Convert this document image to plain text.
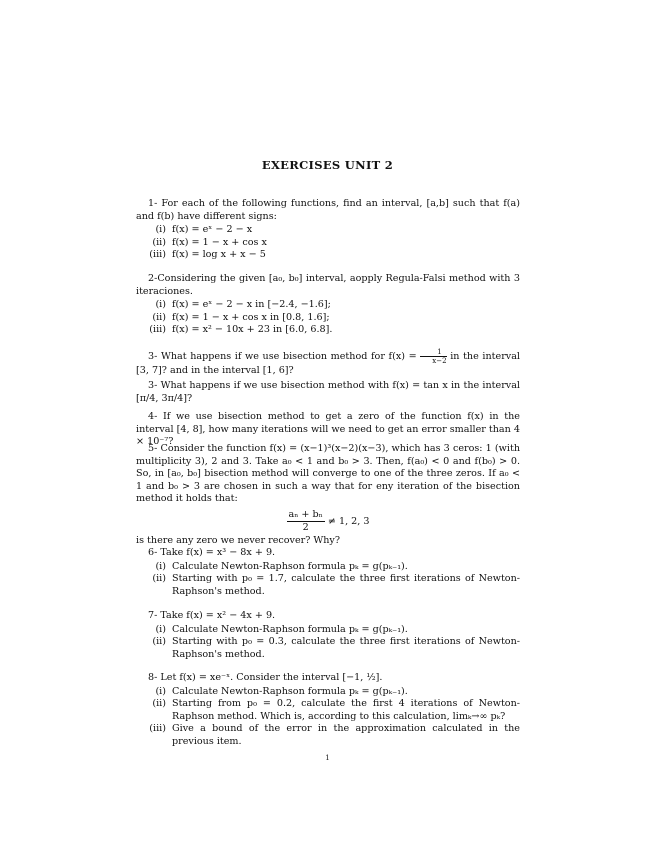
EXERCISES UNIT 2

1- For each of the following functions, find an interval, [a,b] such that f(a) and f(b) have different signs:

(i) f(x) = eˣ − 2 − x
(ii) f(x) = 1 − x + cos x
(iii) f(x) = log x + x − 5

2-Considering the given [a₀, b₀] interval, aopply Regula-Falsi method with 3 iteraciones.

(i) f(x) = eˣ − 2 − x in [−2.4, −1.6];
(ii) f(x) = 1 − x + cos x in [0.8, 1.6];
(iii) f(x) = x² − 10x + 23 in [6.0, 6.8].

3- What happens if we use bisection method for $f(x) = \frac{1}{x-2}$ in the interval [3, 7]? and in the interval [1, 6]?

3- What happens if we use bisection method with f(x) = tan x in the interval [π/4, 3π/4]?

4- If we use bisection method to get a zero of the function f(x) in the interval [4, 8], how many iterations will we need to get an error smaller than 4 × 10⁻⁷?

5- Consider the function f(x) = (x−1)³(x−2)(x−3), which has 3 ceros: 1 (with multiplicity 3), 2 and 3. Take a₀ < 1 and b₀ > 3. Then, f(a₀) < 0 and f(b₀) > 0. So, in [a₀, b₀] bisection method will converge to one of the three zeros. If a₀ < 1 and b₀ > 3 are chosen in such a way that for eny iteration of the bisection method it holds that:

$\frac{\text{aₙ + bₙ}}{2} \ne 1$, 2, 3
is there any zero we never recover? Why?

6- Take f(x) = x³ − 8x + 9.

(i) Calculate Newton-Raphson formula pₖ = g(pₖ₋₁).
(ii) Starting with p₀ = 1.7, calculate the three first iterations of Newton-Raphson's method.

7- Take f(x) = x² − 4x + 9.

(i) Calculate Newton-Raphson formula pₖ = g(pₖ₋₁).
(ii) Starting with p₀ = 0.3, calculate the three first iterations of Newton-Raphson's method.

8- Let f(x) = xe⁻ˣ. Consider the interval [−1, ½].

(i) Calculate Newton-Raphson formula pₖ = g(pₖ₋₁).
(ii) Starting from p₀ = 0.2, calculate the first 4 iterations of Newton-Raphson method. Which is, according to this calculation, limₖ→∞ pₖ?
(iii) Give a bound of the error in the approximation calculated in the previous item.
1
